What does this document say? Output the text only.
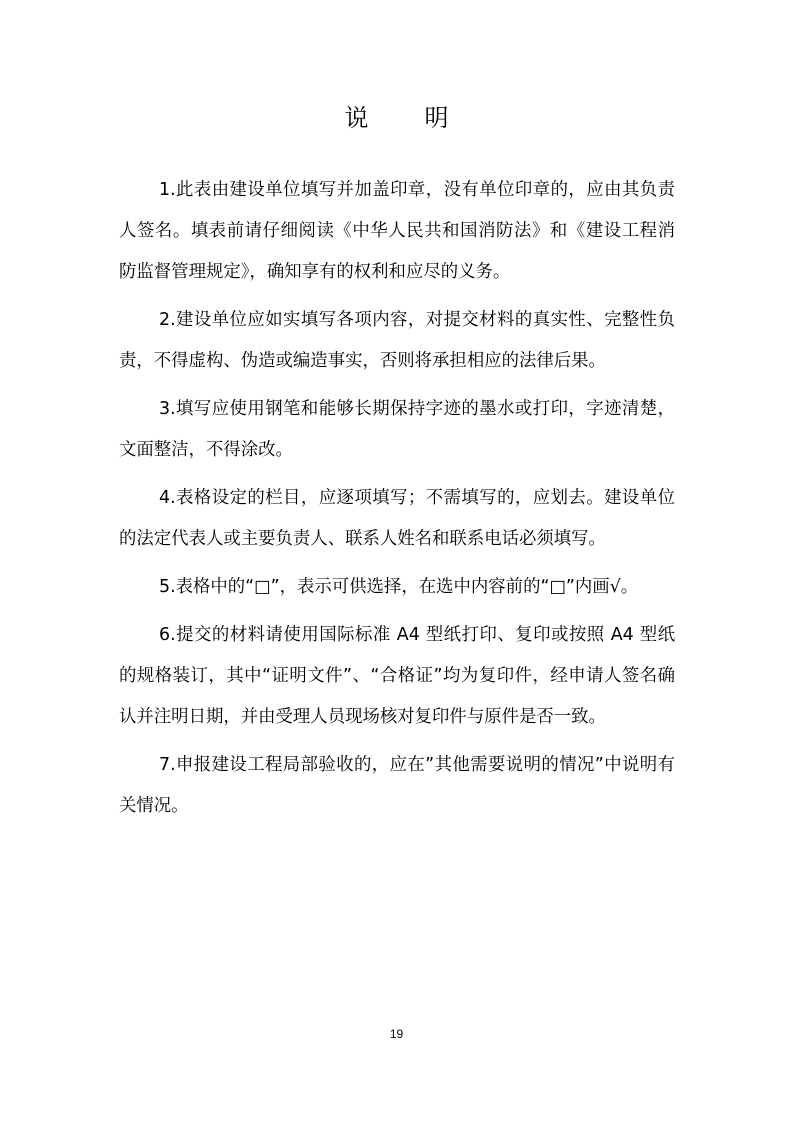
说 明

1.此表由建设单位填写并加盖印章，没有单位印章的，应由其负责人签名。填表前请仔细阅读《中华人民共和国消防法》和《建设工程消防监督管理规定》，确知享有的权利和应尽的义务。

2.建设单位应如实填写各项内容，对提交材料的真实性、完整性负责，不得虚构、伪造或编造事实，否则将承担相应的法律后果。

3.填写应使用钢笔和能够长期保持字迹的墨水或打印，字迹清楚，文面整洁，不得涂改。

4.表格设定的栏目，应逐项填写；不需填写的，应划去。建设单位的法定代表人或主要负责人、联系人姓名和联系电话必须填写。

5.表格中的“□”，表示可供选择，在选中内容前的“□”内画√。

6.提交的材料请使用国际标准 A4 型纸打印、复印或按照 A4 型纸的规格装订，其中“证明文件”、“合格证”均为复印件，经申请人签名确认并注明日期，并由受理人员现场核对复印件与原件是否一致。

7.申报建设工程局部验收的，应在”其他需要说明的情况”中说明有关情况。

19
